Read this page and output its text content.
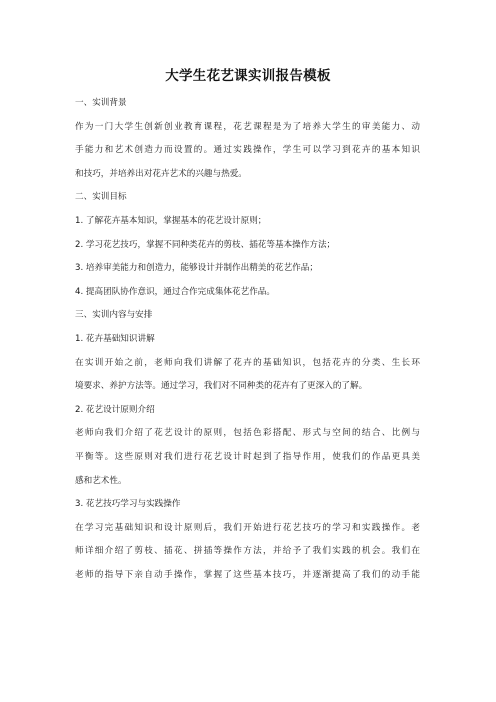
大学生花艺课实训报告模板
一、实训背景
作为一门大学生创新创业教育课程，花艺课程是为了培养大学生的审美能力、动
手能力和艺术创造力而设置的。通过实践操作，学生可以学习到花卉的基本知识
和技巧，并培养出对花卉艺术的兴趣与热爱。
二、实训目标
1. 了解花卉基本知识，掌握基本的花艺设计原则；
2. 学习花艺技巧，掌握不同种类花卉的剪枝、插花等基本操作方法；
3. 培养审美能力和创造力，能够设计并制作出精美的花艺作品；
4. 提高团队协作意识，通过合作完成集体花艺作品。
三、实训内容与安排
1. 花卉基础知识讲解
在实训开始之前，老师向我们讲解了花卉的基础知识，包括花卉的分类、生长环
境要求、养护方法等。通过学习，我们对不同种类的花卉有了更深入的了解。
2. 花艺设计原则介绍
老师向我们介绍了花艺设计的原则，包括色彩搭配、形式与空间的结合、比例与
平衡等。这些原则对我们进行花艺设计时起到了指导作用，使我们的作品更具美
感和艺术性。
3. 花艺技巧学习与实践操作
在学习完基础知识和设计原则后，我们开始进行花艺技巧的学习和实践操作。老
师详细介绍了剪枝、插花、拼插等操作方法，并给予了我们实践的机会。我们在
老师的指导下亲自动手操作，掌握了这些基本技巧，并逐渐提高了我们的动手能
